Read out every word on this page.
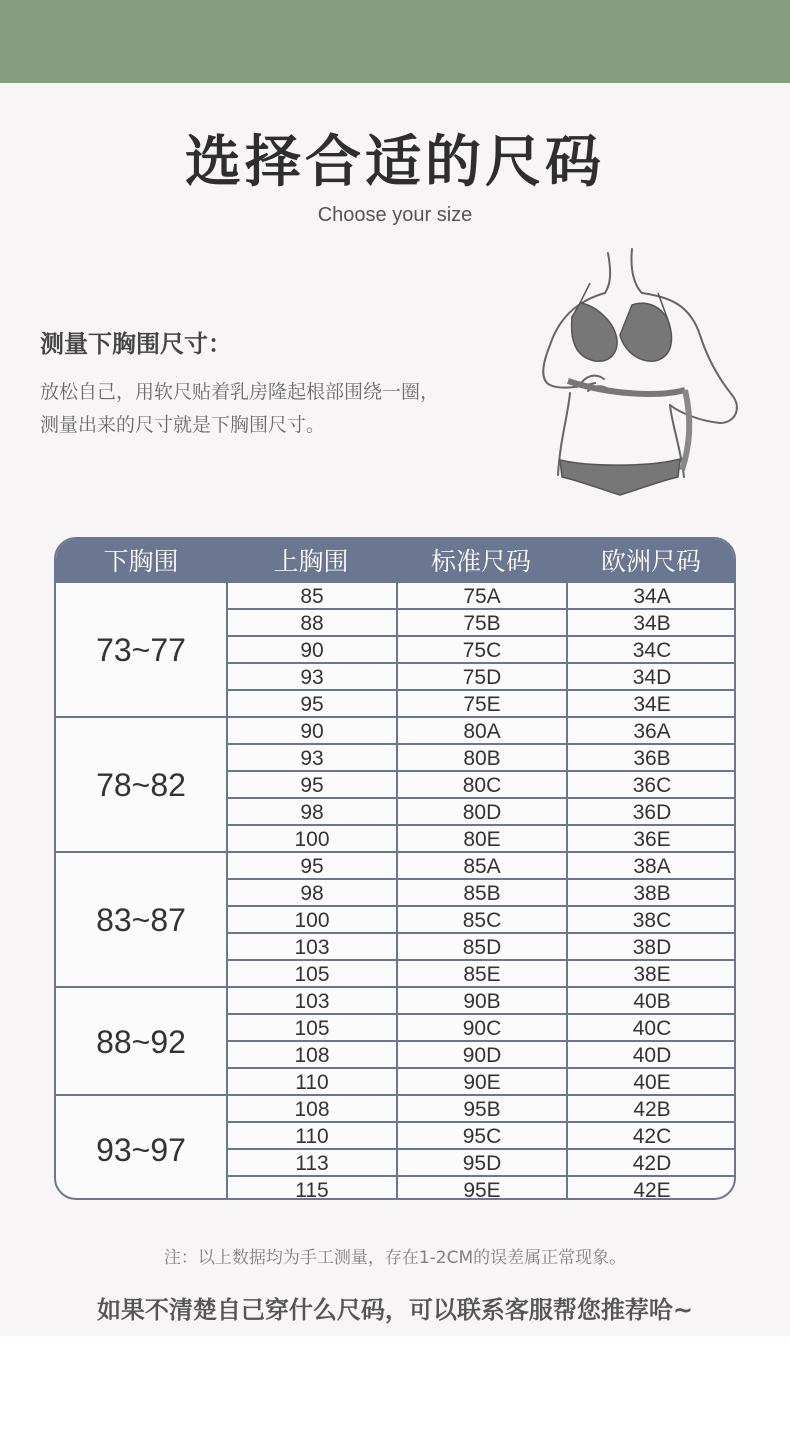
选择合适的尺码
Choose your size
测量下胸围尺寸：
放松自己，用软尺贴着乳房隆起根部围绕一圈，
测量出来的尺寸就是下胸围尺寸。
下胸围	上胸围	标准尺码	欧洲尺码
73~77
85	75A	34A
88	75B	34B
90	75C	34C
93	75D	34D
95	75E	34E
78~82
90	80A	36A
93	80B	36B
95	80C	36C
98	80D	36D
100	80E	36E
83~87
95	85A	38A
98	85B	38B
100	85C	38C
103	85D	38D
105	85E	38E
88~92
103	90B	40B
105	90C	40C
108	90D	40D
110	90E	40E
93~97
108	95B	42B
110	95C	42C
113	95D	42D
115	95E	42E
注：以上数据均为手工测量，存在1-2CM的误差属正常现象。
如果不清楚自己穿什么尺码，可以联系客服帮您推荐哈~
